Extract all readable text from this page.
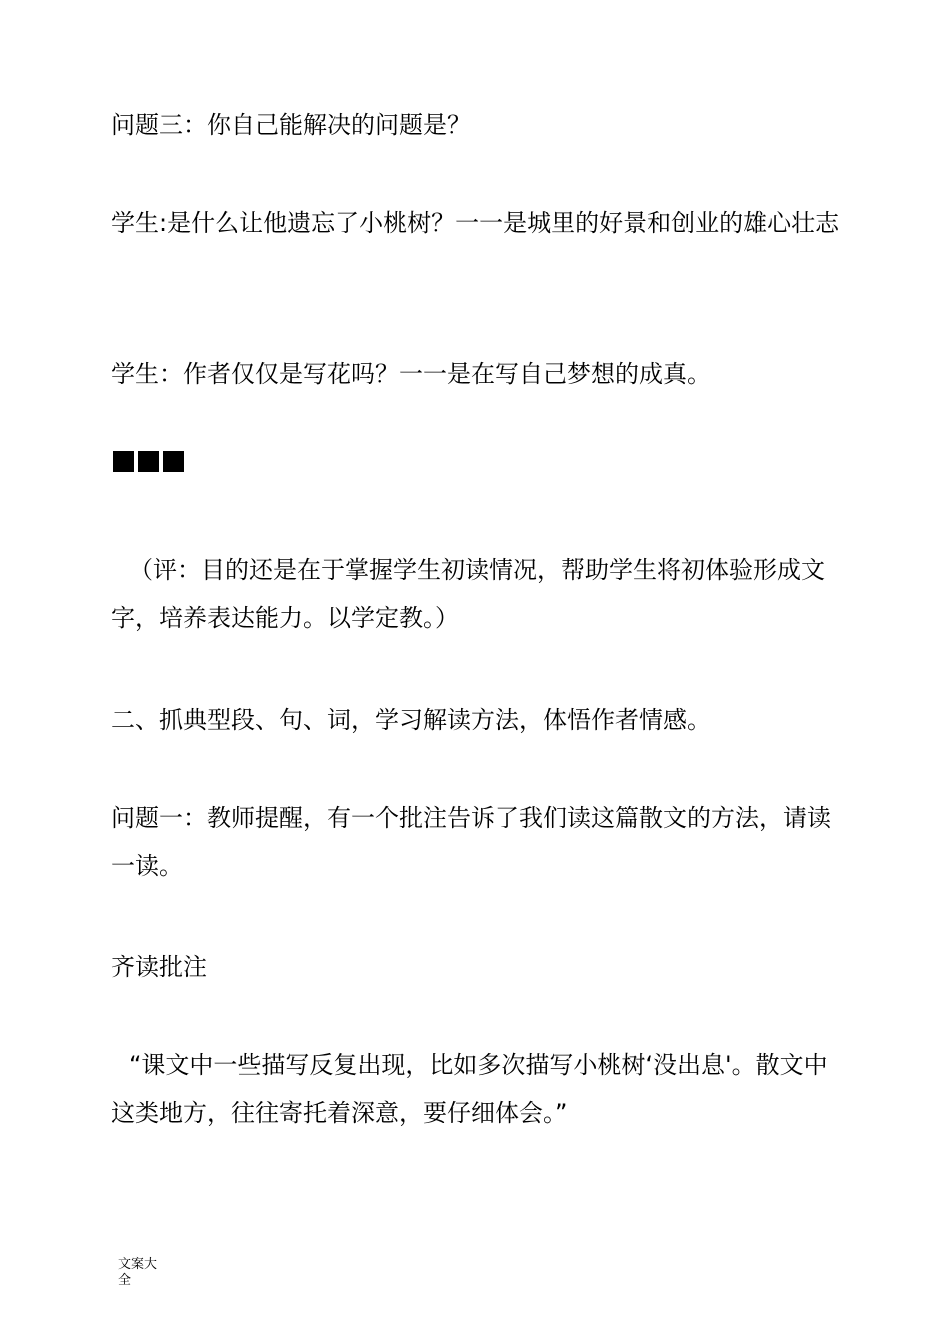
问题三：你自己能解决的问题是？

学生:是什么让他遗忘了小桃树？一一是城里的好景和创业的雄心壮志

学生：作者仅仅是写花吗？一一是在写自己梦想的成真。

（评：目的还是在于掌握学生初读情况，帮助学生将初体验形成文字，培养表达能力。以学定教。）

二、抓典型段、句、词，学习解读方法，体悟作者情感。

问题一：教师提醒，有一个批注告诉了我们读这篇散文的方法，请读一读。

齐读批注

“课文中一些描写反复出现，比如多次描写小桃树‘没出息'。散文中这类地方，往往寄托着深意，要仔细体会。”

文案大全
